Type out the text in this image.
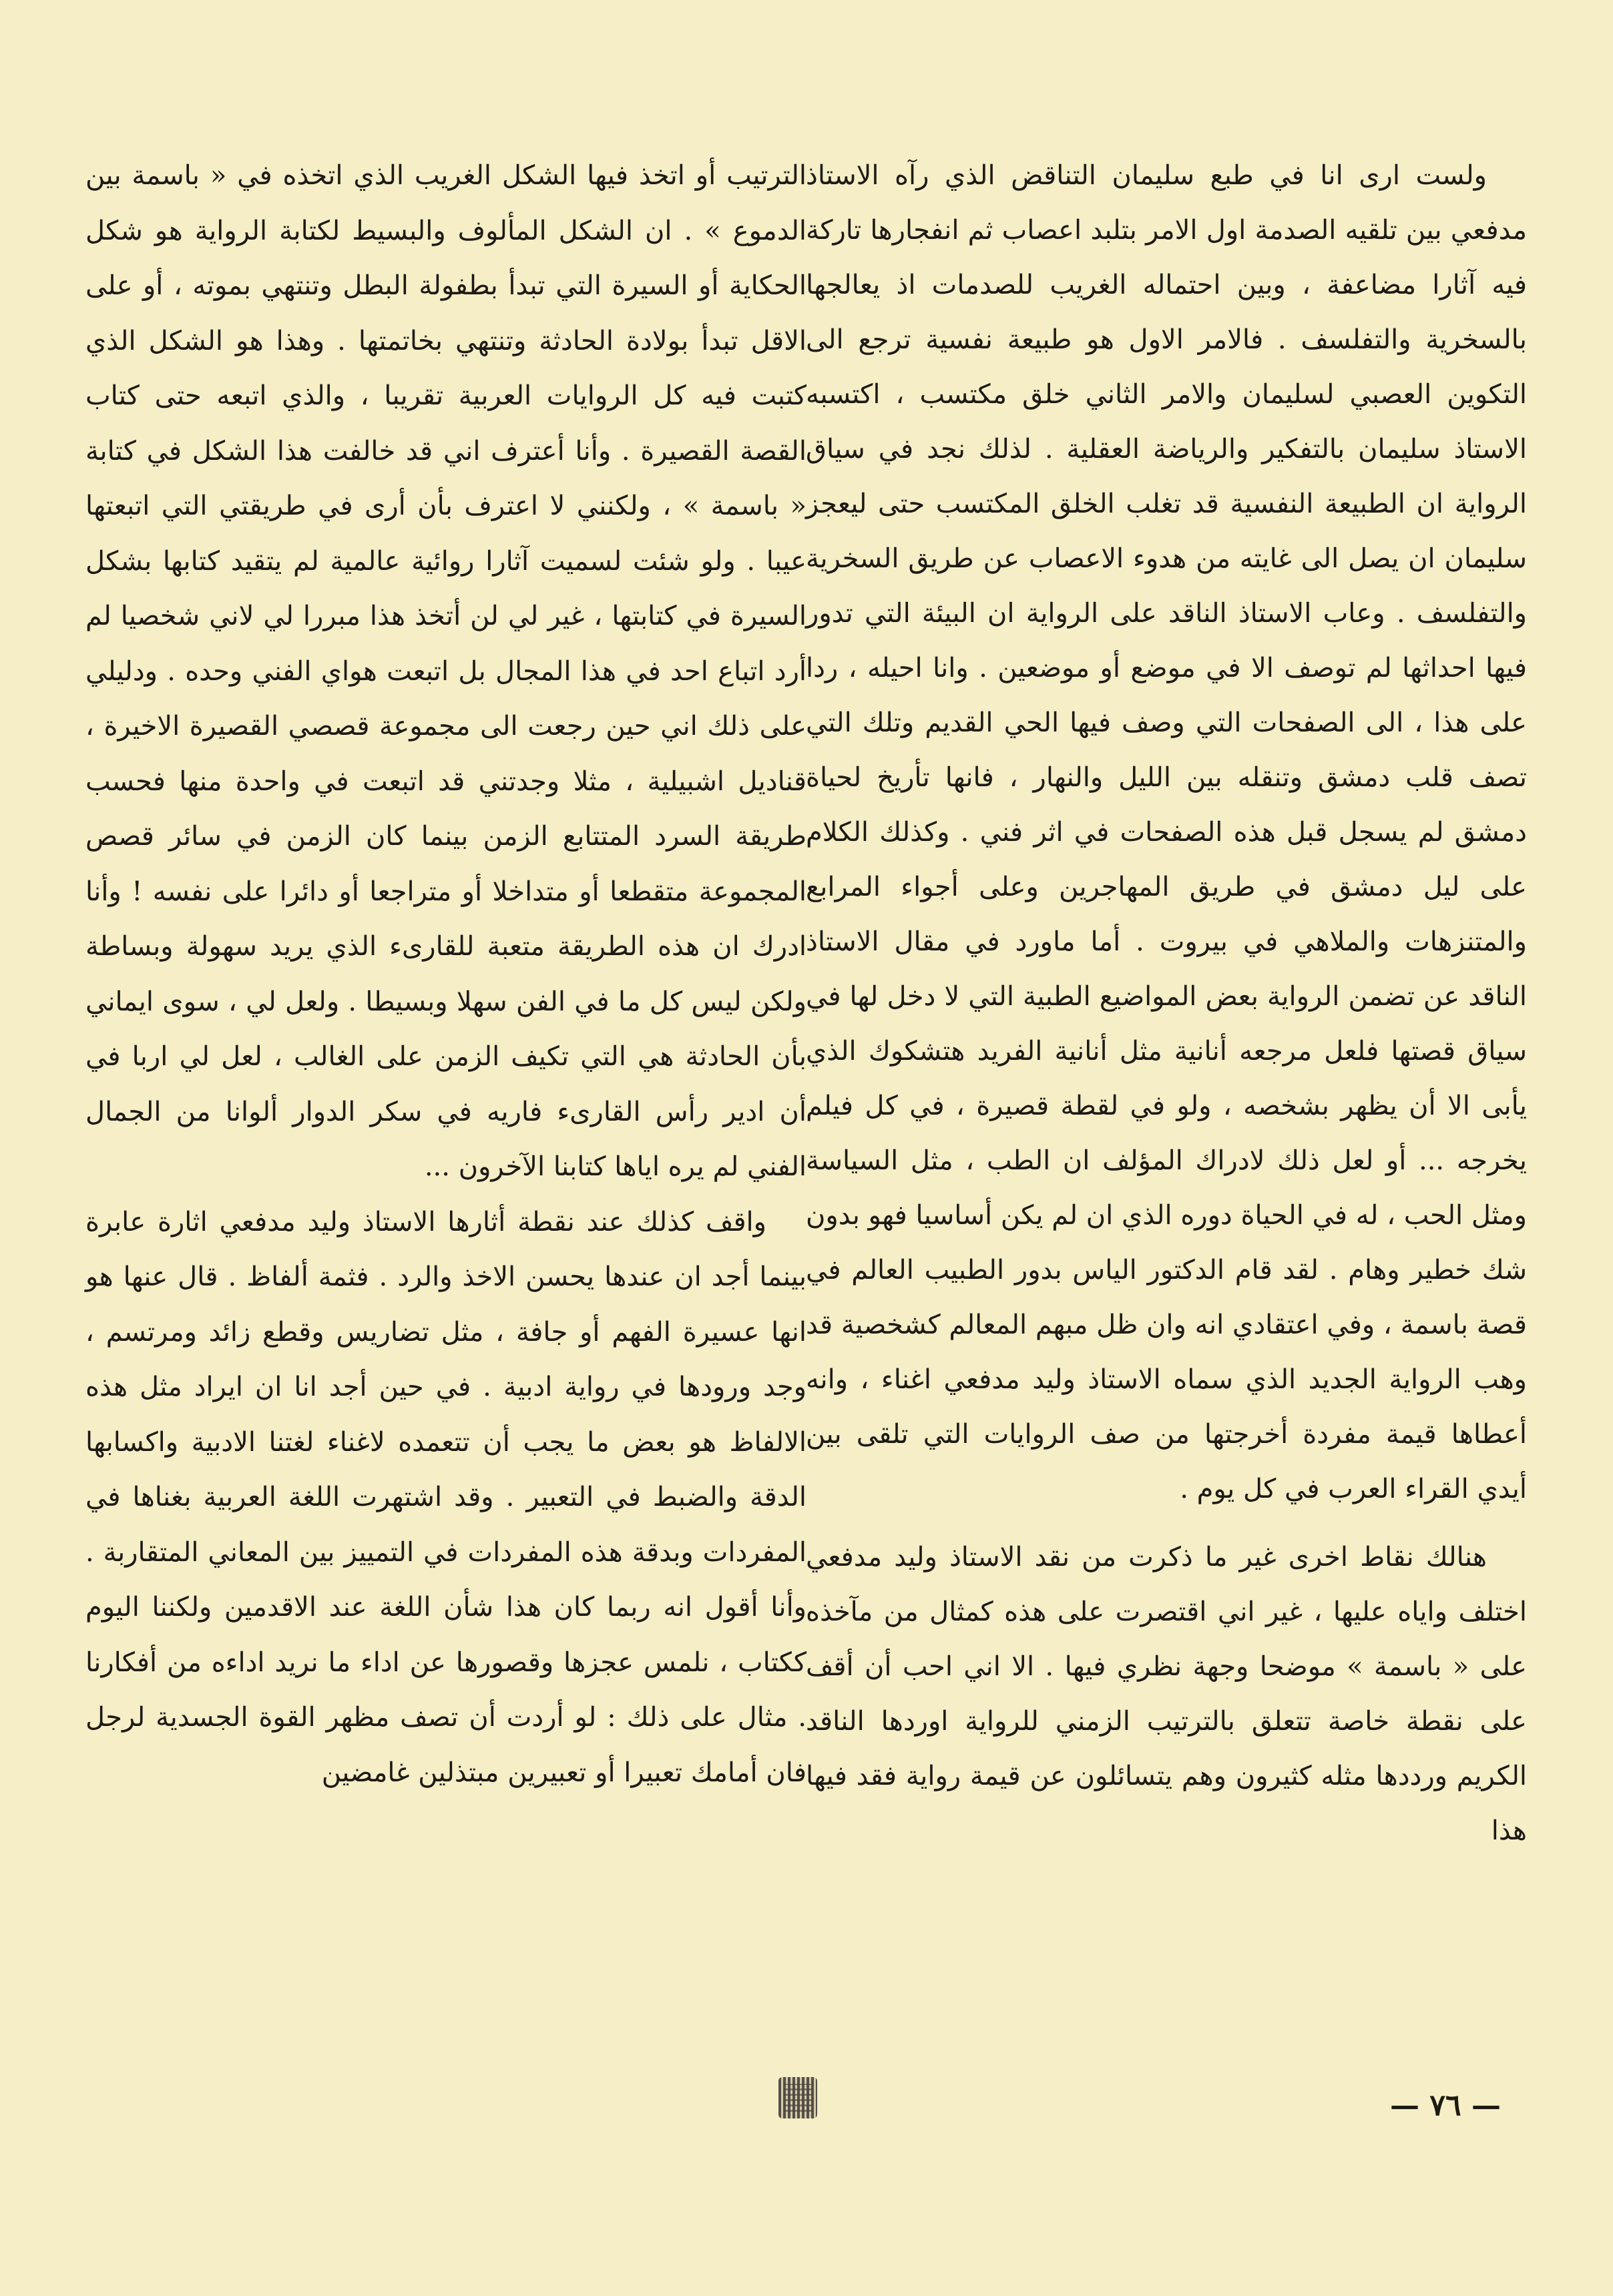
ولست ارى انا في طبع سليمان التناقض الذي رآه الاستاذ مدفعي بين تلقيه الصدمة اول الامر بتلبد اعصاب ثم انفجارها تاركة فيه آثارا مضاعفة ، وبين احتماله الغريب للصدمات اذ يعالجها بالسخرية والتفلسف . فالامر الاول هو طبيعة نفسية ترجع الى التكوين العصبي لسليمان والامر الثاني خلق مكتسب ، اكتسبه الاستاذ سليمان بالتفكير والرياضة العقلية . لذلك نجد في سياق الرواية ان الطبيعة النفسية قد تغلب الخلق المكتسب حتى ليعجز سليمان ان يصل الى غايته من هدوء الاعصاب عن طريق السخرية والتفلسف . وعاب الاستاذ الناقد على الرواية ان البيئة التي تدور فيها احداثها لم توصف الا في موضع أو موضعين . وانا احيله ، ردا على هذا ، الى الصفحات التي وصف فيها الحي القديم وتلك التي تصف قلب دمشق وتنقله بين الليل والنهار ، فانها تأريخ لحياة دمشق لم يسجل قبل هذه الصفحات في اثر فني . وكذلك الكلام على ليل دمشق في طريق المهاجرين وعلى أجواء المرابع والمتنزهات والملاهي في بيروت . أما ماورد في مقال الاستاذ الناقد عن تضمن الرواية بعض المواضيع الطبية التي لا دخل لها في سياق قصتها فلعل مرجعه أنانية مثل أنانية الفريد هتشكوك الذي يأبى الا أن يظهر بشخصه ، ولو في لقطة قصيرة ، في كل فيلم يخرجه ... أو لعل ذلك لادراك المؤلف ان الطب ، مثل السياسة ومثل الحب ، له في الحياة دوره الذي ان لم يكن أساسيا فهو بدون شك خطير وهام . لقد قام الدكتور الياس بدور الطبيب العالم في قصة باسمة ، وفي اعتقادي انه وان ظل مبهم المعالم كشخصية قد وهب الرواية الجديد الذي سماه الاستاذ وليد مدفعي اغناء ، وانه أعطاها قيمة مفردة أخرجتها من صف الروايات التي تلقى بين أيدي القراء العرب في كل يوم .

هنالك نقاط اخرى غير ما ذكرت من نقد الاستاذ وليد مدفعي اختلف واياه عليها ، غير اني اقتصرت على هذه كمثال من مآخذه على « باسمة » موضحا وجهة نظري فيها . الا اني احب أن أقف على نقطة خاصة تتعلق بالترتيب الزمني للرواية اوردها الناقد الكريم ورددها مثله كثيرون وهم يتسائلون عن قيمة رواية فقد فيها هذا

الترتيب أو اتخذ فيها الشكل الغريب الذي اتخذه في « باسمة بين الدموع » . ان الشكل المألوف والبسيط لكتابة الرواية هو شكل الحكاية أو السيرة التي تبدأ بطفولة البطل وتنتهي بموته ، أو على الاقل تبدأ بولادة الحادثة وتنتهي بخاتمتها . وهذا هو الشكل الذي كتبت فيه كل الروايات العربية تقريبا ، والذي اتبعه حتى كتاب القصة القصيرة . وأنا أعترف اني قد خالفت هذا الشكل في كتابة « باسمة » ، ولكنني لا اعترف بأن أرى في طريقتي التي اتبعتها عيبا . ولو شئت لسميت آثارا روائية عالمية لم يتقيد كتابها بشكل السيرة في كتابتها ، غير لي لن أتخذ هذا مبررا لي لاني شخصيا لم أرد اتباع احد في هذا المجال بل اتبعت هواي الفني وحده . ودليلي على ذلك اني حين رجعت الى مجموعة قصصي القصيرة الاخيرة ، قناديل اشبيلية ، مثلا وجدتني قد اتبعت في واحدة منها فحسب طريقة السرد المتتابع الزمن بينما كان الزمن في سائر قصص المجموعة متقطعا أو متداخلا أو متراجعا أو دائرا على نفسه ! وأنا ادرك ان هذه الطريقة متعبة للقارىء الذي يريد سهولة وبساطة ولكن ليس كل ما في الفن سهلا وبسيطا . ولعل لي ، سوى ايماني بأن الحادثة هي التي تكيف الزمن على الغالب ، لعل لي اربا في أن ادير رأس القارىء فاريه في سكر الدوار ألوانا من الجمال الفني لم يره اياها كتابنا الآخرون ...

واقف كذلك عند نقطة أثارها الاستاذ وليد مدفعي اثارة عابرة بينما أجد ان عندها يحسن الاخذ والرد . فثمة ألفاظ . قال عنها هو انها عسيرة الفهم أو جافة ، مثل تضاريس وقطع زائد ومرتسم ، وجد ورودها في رواية ادبية . في حين أجد انا ان ايراد مثل هذه الالفاظ هو بعض ما يجب أن تتعمده لاغناء لغتنا الادبية واكسابها الدقة والضبط في التعبير . وقد اشتهرت اللغة العربية بغناها في المفردات وبدقة هذه المفردات في التمييز بين المعاني المتقاربة . وأنا أقول انه ربما كان هذا شأن اللغة عند الاقدمين ولكننا اليوم ككتاب ، نلمس عجزها وقصورها عن اداء ما نريد اداءه من أفكارنا . مثال على ذلك : لو أردت أن تصف مظهر القوة الجسدية لرجل فان أمامك تعبيرا أو تعبيرين مبتذلين غامضين

— ٧٦ —
